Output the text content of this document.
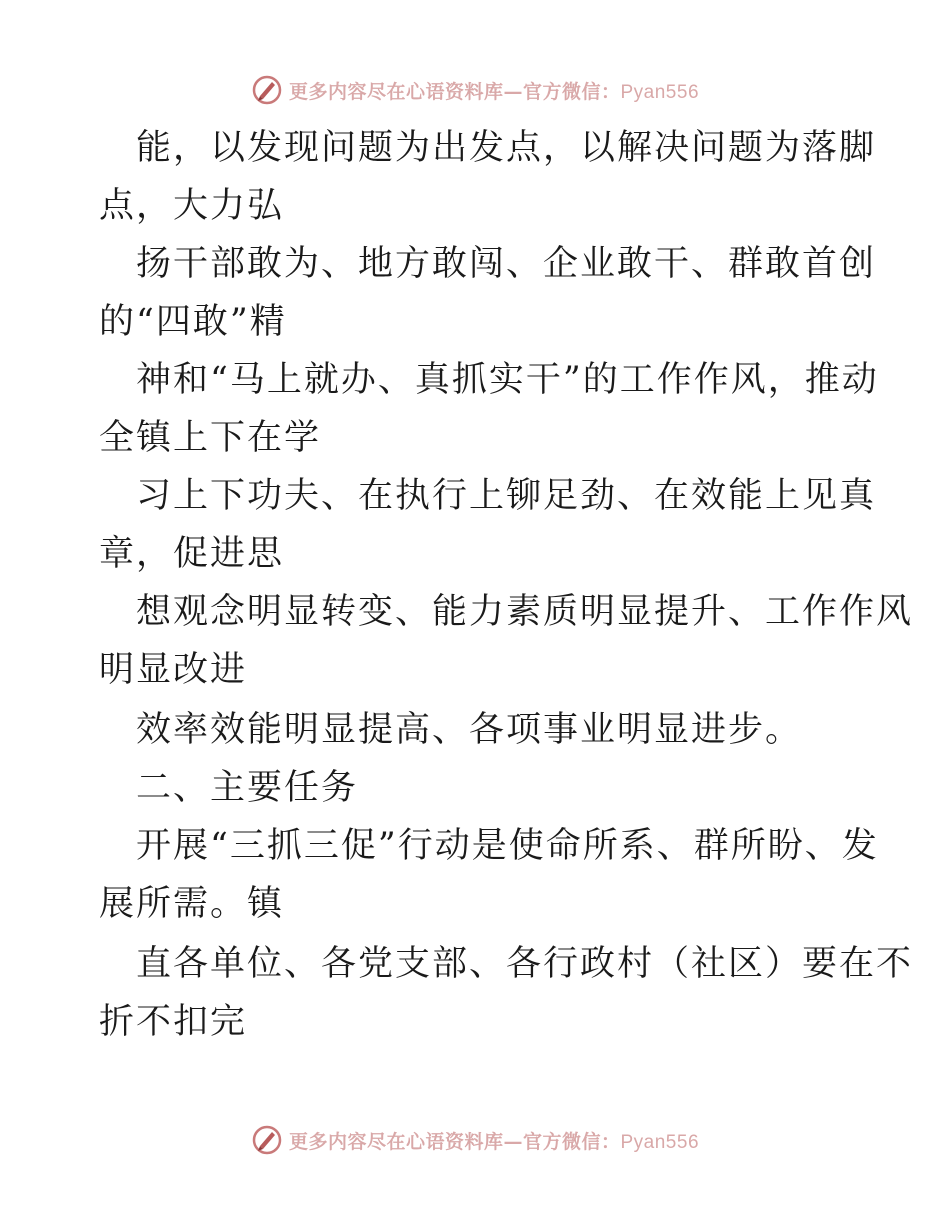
更多内容尽在心语资料库—官方微信：Pyan556
能，以发现问题为出发点，以解决问题为落脚
点，大力弘
扬干部敢为、地方敢闯、企业敢干、群敢首创
的“四敢”精
神和“马上就办、真抓实干”的工作作风，推动
全镇上下在学
习上下功夫、在执行上铆足劲、在效能上见真
章，促进思
想观念明显转变、能力素质明显提升、工作作风
明显改进
效率效能明显提高、各项事业明显进步。
二、主要任务
开展“三抓三促”行动是使命所系、群所盼、发
展所需。镇
直各单位、各党支部、各行政村（社区）要在不
折不扣完
更多内容尽在心语资料库—官方微信：Pyan556
